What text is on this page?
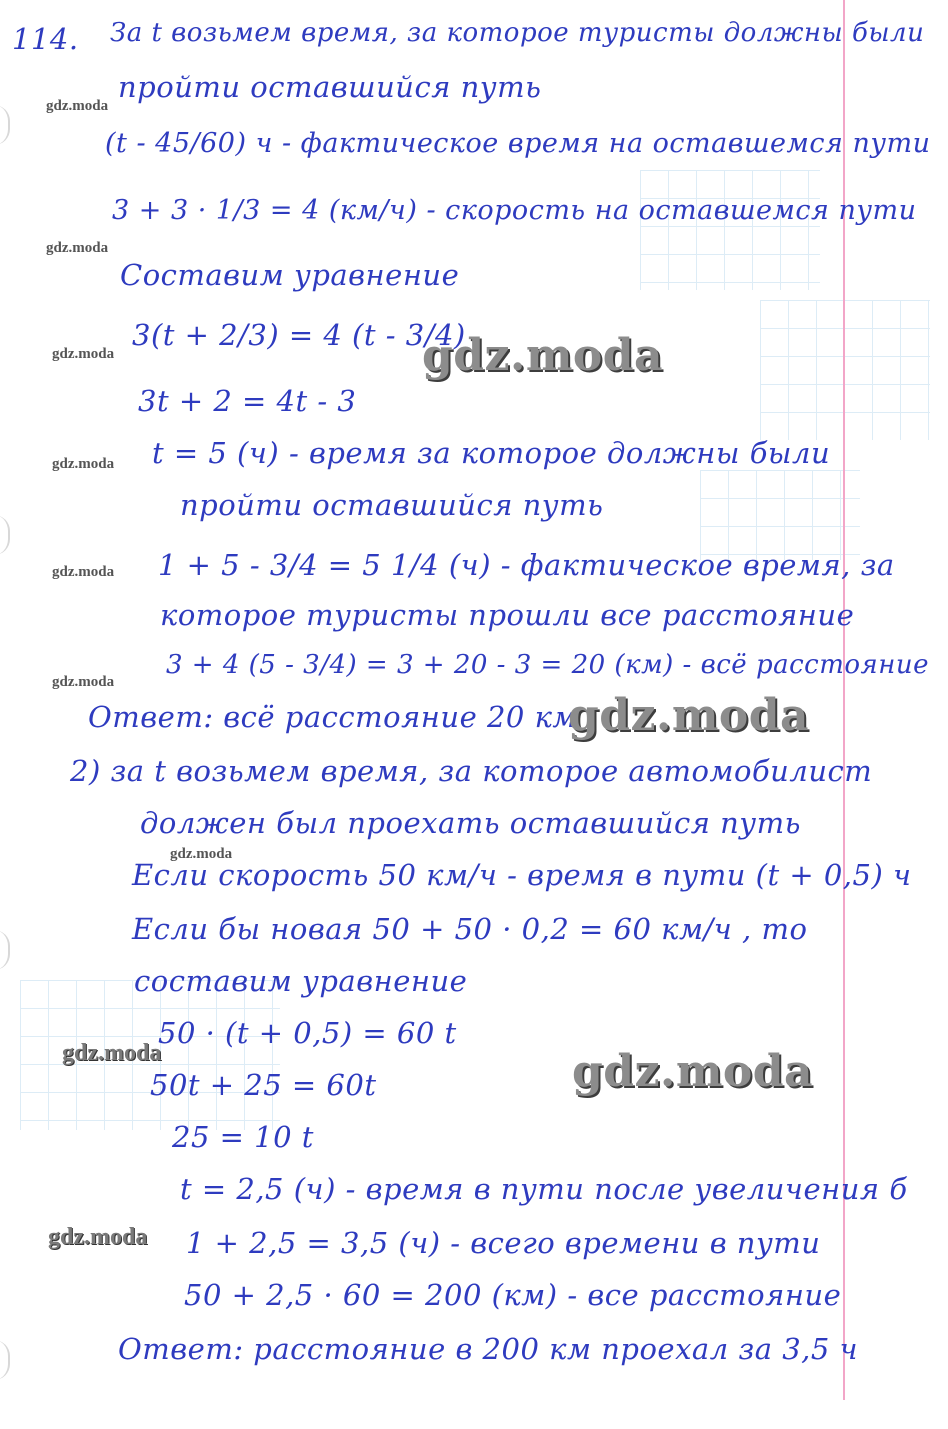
114. За t возьмем время, за которое туристы должны были
пройти оставшийся путь
(t - 45/60) ч - фактическое время на оставшемся пути
3 + 3 · 1/3 = 4 (км/ч) - скорость на оставшемся пути
Составим уравнение
3(t + 2/3) = 4 (t - 3/4)
3t + 2 = 4t - 3
t = 5 (ч) - время за которое должны были
пройти оставшийся путь
1 + 5 - 3/4 = 5 1/4 (ч) - фактическое время, за
которое туристы прошли все расстояние
3 + 4 (5 - 3/4) = 3 + 20 - 3 = 20 (км) - всё расстояние
Ответ: всё расстояние 20 км
2) за t возьмем время, за которое автомобилист
должен был проехать оставшийся путь
Если скорость 50 км/ч - время в пути (t + 0,5) ч
Если бы новая 50 + 50 · 0,2 = 60 км/ч , то
составим уравнение
50 · (t + 0,5) = 60 t
50t + 25 = 60t
25 = 10 t
t = 2,5 (ч) - время в пути после увеличения б
1 + 2,5 = 3,5 (ч) - всего времени в пути
50 + 2,5 · 60 = 200 (км) - все расстояние
Ответ: расстояние в 200 км проехал за 3,5 ч
gdz.moda
gdz.moda
gdz.moda
gdz.moda
gdz.moda
gdz.moda
gdz.moda
gdz.moda
gdz.moda
gdz.moda
gdz.moda
gdz.moda
